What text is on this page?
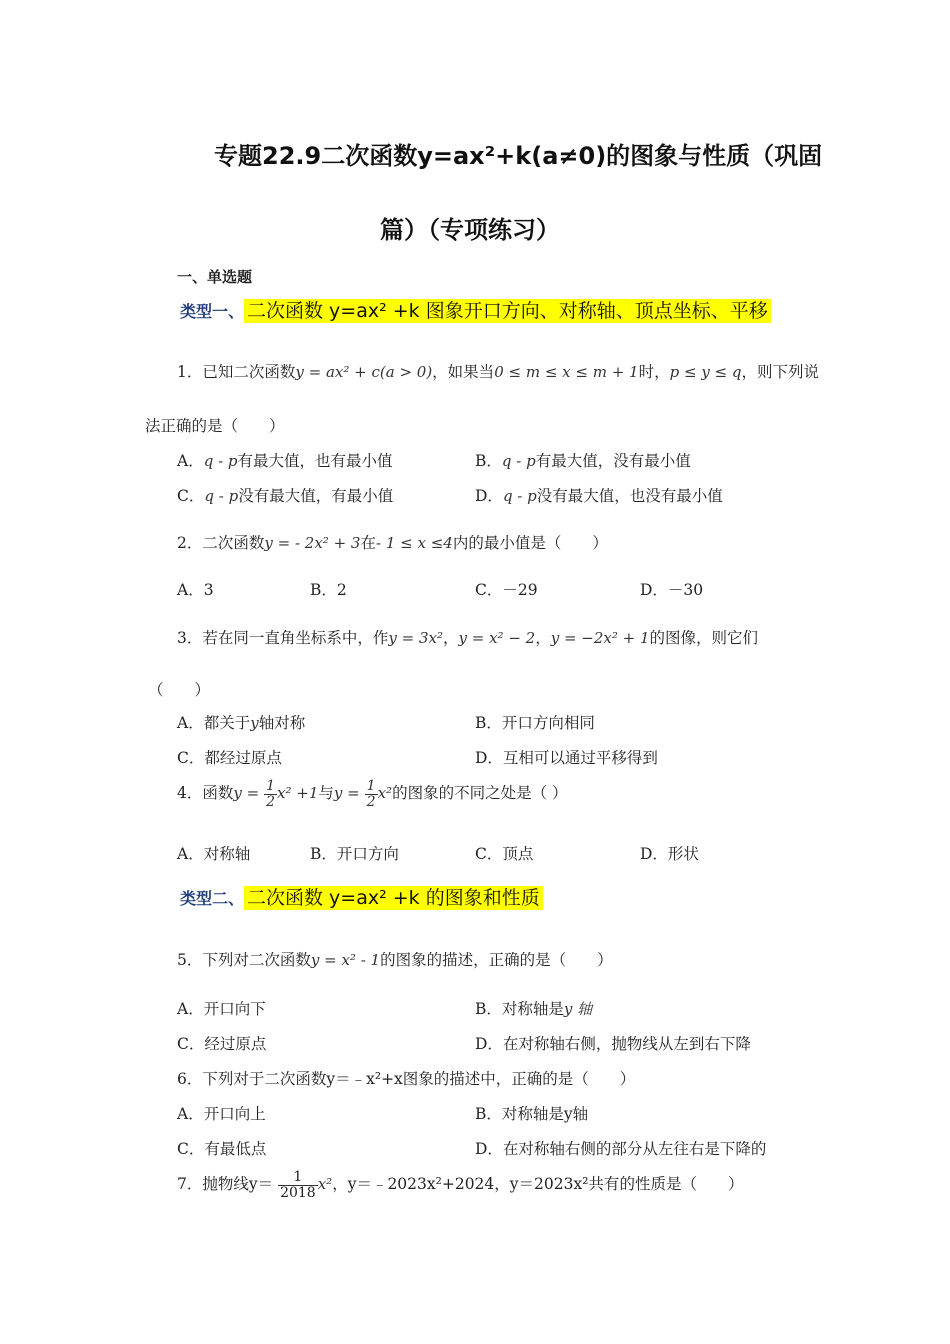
专题22.9二次函数y=ax²+k(a≠0)的图象与性质（巩固
篇）（专项练习）
一、单选题
类型一、 二次函数 y=ax² +k 图象开口方向、对称轴、顶点坐标、平移
1．已知二次函数y = ax² + c(a > 0)，如果当0 ≤ m ≤ x ≤ m + 1时，p ≤ y ≤ q，则下列说
法正确的是（　　）
A．q - p有最大值，也有最小值	B．q - p有最大值，没有最小值
C．q - p没有最大值，有最小值	D．q - p没有最大值，也没有最小值
2．二次函数y = - 2x² + 3在- 1 ≤ x ≤4内的最小值是（　　）
A．3	B．2	C．－29	D．－30
3．若在同一直角坐标系中，作y = 3x²，y = x² − 2，y = −2x² + 1的图像，则它们
（　　）
A．都关于y轴对称	B．开口方向相同
C．都经过原点	D．互相可以通过平移得到
4．函数$y = \frac{1}{2} x^2 +1$与$y = \frac{1}{2} x^2$的图象的不同之处是（ ）
A．对称轴	B．开口方向	C．顶点	D．形状
类型二、 二次函数 y=ax² +k 的图象和性质
5．下列对二次函数y = x² - 1的图象的描述，正确的是（　　）
A．开口向下	B．对称轴是y 轴
C．经过原点	D．在对称轴右侧，抛物线从左到右下降
6．下列对于二次函数y＝﹣x²+x图象的描述中，正确的是（　　）
A．开口向上	B．对称轴是y轴
C．有最低点	D．在对称轴右侧的部分从左往右是下降的
7．抛物线$y= \frac{1}{2018} x^2$，y＝﹣2023x²+2024，y＝2023x²共有的性质是（　　）
